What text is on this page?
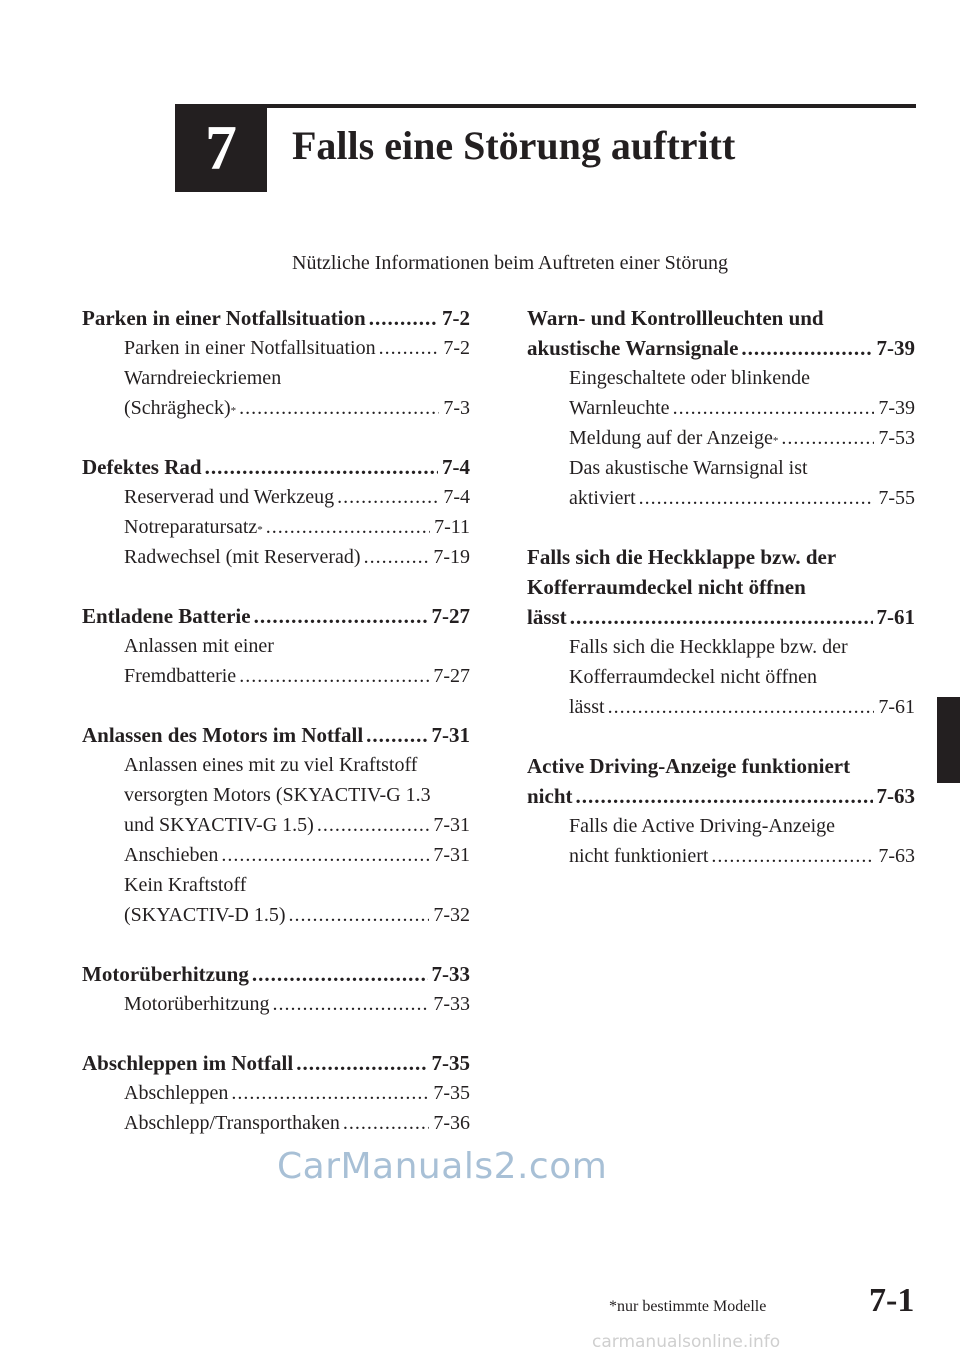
7 Falls eine Störung auftritt
Nützliche Informationen beim Auftreten einer Störung
Parken in einer Notfallsituation .....	7-2
Parken in einer Notfallsituation .....	7-2
Warndreieckriemen
(Schrägheck) * .....	7-3
Defektes Rad .....	7-4
Reserverad und Werkzeug .....	7-4
Notreparatursatz * .....	7-11
Radwechsel (mit Reserverad) .....	7-19
Entladene Batterie .....	7-27
Anlassen mit einer
Fremdbatterie .....	7-27
Anlassen des Motors im Notfall .....	7-31
Anlassen eines mit zu viel Kraftstoff
versorgten Motors (SKYACTIV-G 1.3
und SKYACTIV-G 1.5) .....	7-31
Anschieben .....	7-31
Kein Kraftstoff
(SKYACTIV-D 1.5) .....	7-32
Motorüberhitzung .....	7-33
Motorüberhitzung .....	7-33
Abschleppen im Notfall .....	7-35
Abschleppen .....	7-35
Abschlepp/Transporthaken .....	7-36
Warn- und Kontrollleuchten und
akustische Warnsignale .....	7-39
Eingeschaltete oder blinkende
Warnleuchte .....	7-39
Meldung auf der Anzeige * .....	7-53
Das akustische Warnsignal ist
aktiviert .....	7-55
Falls sich die Heckklappe bzw. der
Kofferraumdeckel nicht öffnen
lässt .....	7-61
Falls sich die Heckklappe bzw. der
Kofferraumdeckel nicht öffnen
lässt .....	7-61
Active Driving-Anzeige funktioniert
nicht .....	7-63
Falls die Active Driving-Anzeige
nicht funktioniert .....	7-63
CarManuals2.com
*nur bestimmte Modelle	7-1
carmanualsonline.info
